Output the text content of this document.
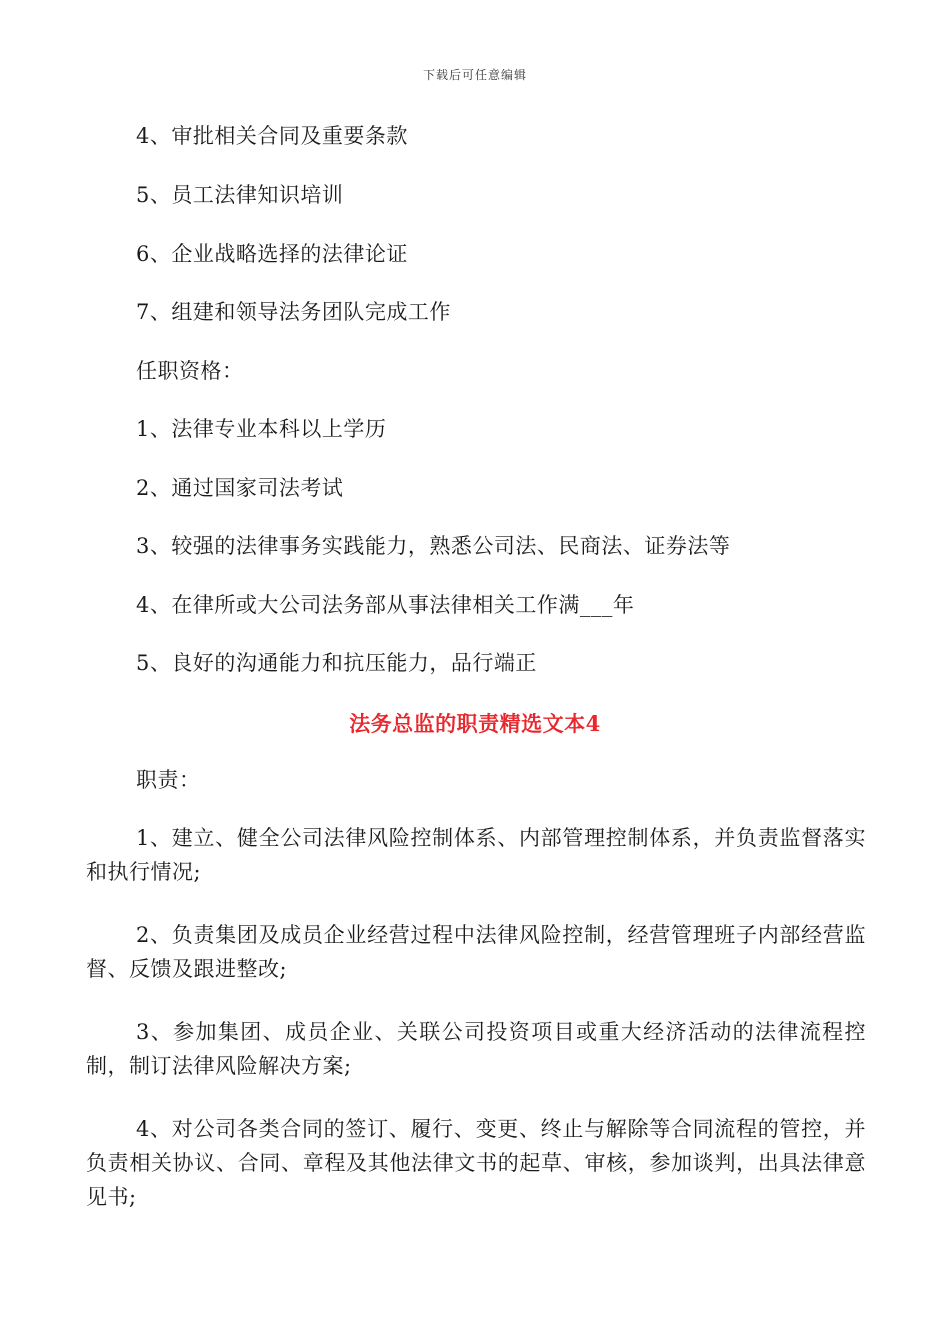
下载后可任意编辑
4、审批相关合同及重要条款
5、员工法律知识培训
6、企业战略选择的法律论证
7、组建和领导法务团队完成工作
任职资格：
1、法律专业本科以上学历
2、通过国家司法考试
3、较强的法律事务实践能力，熟悉公司法、民商法、证券法等
4、在律所或大公司法务部从事法律相关工作满___年
5、良好的沟通能力和抗压能力，品行端正
法务总监的职责精选文本4
职责：
1、建立、健全公司法律风险控制体系、内部管理控制体系，并负责监督落实和执行情况;
2、负责集团及成员企业经营过程中法律风险控制，经营管理班子内部经营监督、反馈及跟进整改;
3、参加集团、成员企业、关联公司投资项目或重大经济活动的法律流程控制，制订法律风险解决方案;
4、对公司各类合同的签订、履行、变更、终止与解除等合同流程的管控，并负责相关协议、合同、章程及其他法律文书的起草、审核，参加谈判，出具法律意见书;
